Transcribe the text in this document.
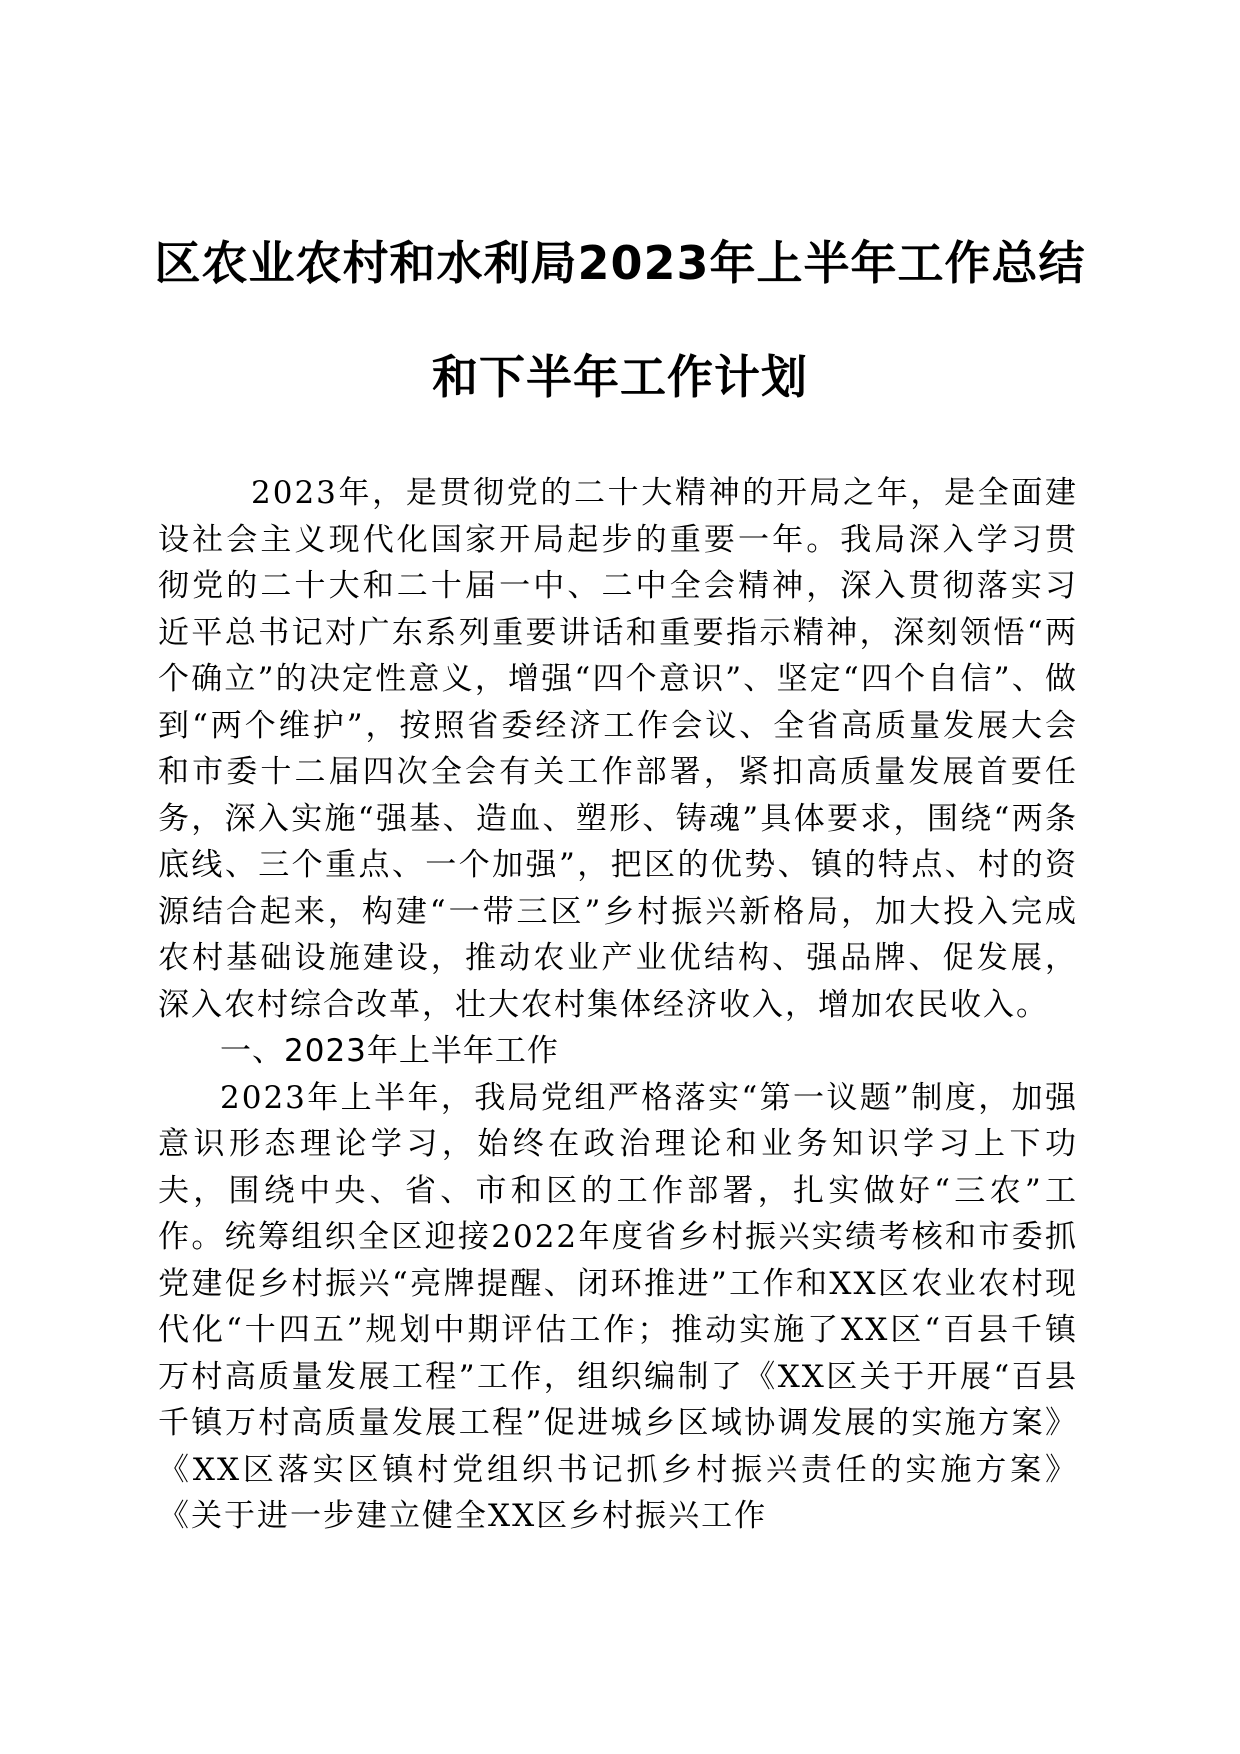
区农业农村和水利局2023年上半年工作总结
和下半年工作计划

2023年，是贯彻党的二十大精神的开局之年，是全面建设社会主义现代化国家开局起步的重要一年。我局深入学习贯彻党的二十大和二十届一中、二中全会精神，深入贯彻落实习近平总书记对广东系列重要讲话和重要指示精神，深刻领悟“两个确立”的决定性意义，增强“四个意识”、坚定“四个自信”、做到“两个维护”，按照省委经济工作会议、全省高质量发展大会和市委十二届四次全会有关工作部署，紧扣高质量发展首要任务，深入实施“强基、造血、塑形、铸魂”具体要求，围绕“两条底线、三个重点、一个加强”，把区的优势、镇的特点、村的资源结合起来，构建“一带三区”乡村振兴新格局，加大投入完成农村基础设施建设，推动农业产业优结构、强品牌、促发展，深入农村综合改革，壮大农村集体经济收入，增加农民收入。

一、2023年上半年工作

2023年上半年，我局党组严格落实“第一议题”制度，加强意识形态理论学习，始终在政治理论和业务知识学习上下功夫，围绕中央、省、市和区的工作部署，扎实做好“三农”工作。统筹组织全区迎接2022年度省乡村振兴实绩考核和市委抓党建促乡村振兴“亮牌提醒、闭环推进”工作和XX区农业农村现代化“十四五”规划中期评估工作；推动实施了XX区“百县千镇万村高质量发展工程”工作，组织编制了《XX区关于开展“百县千镇万村高质量发展工程”促进城乡区域协调发展的实施方案》《XX区落实区镇村党组织书记抓乡村振兴责任的实施方案》《关于进一步建立健全XX区乡村振兴工作
